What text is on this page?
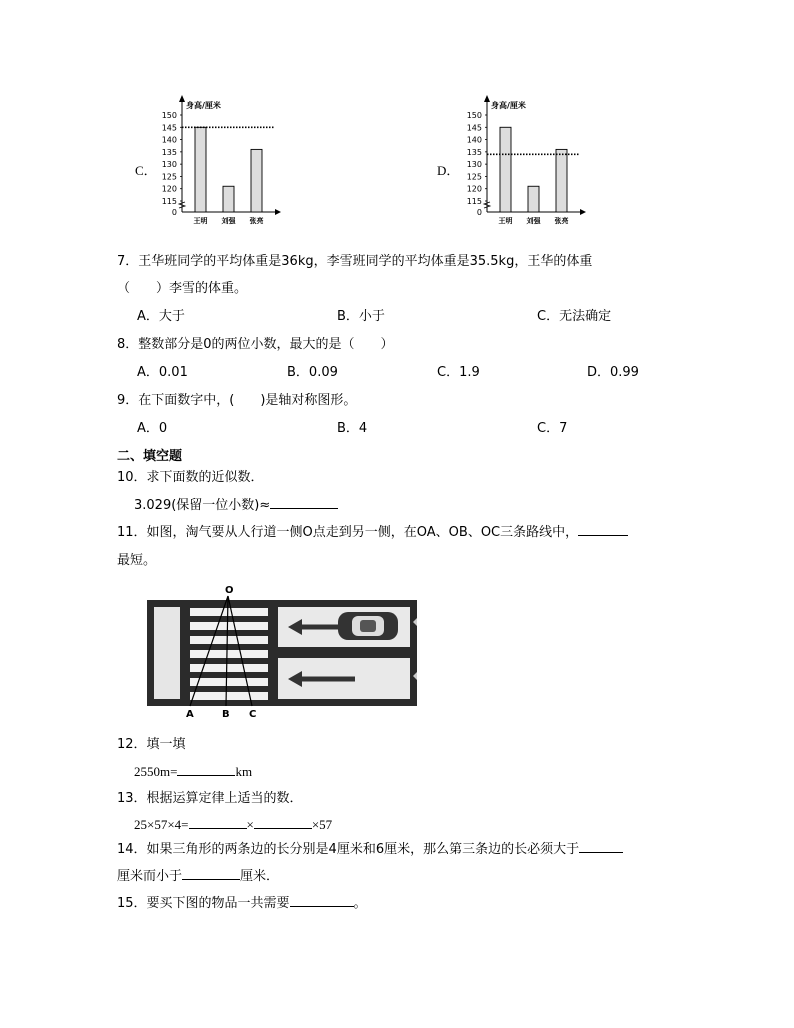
C．
身高/厘米
0
115
120
125
130
135
140
145
150
王明 刘强 张亮
D．
身高/厘米
0
115
120
125
130
135
140
145
150
王明 刘强 张亮
7．王华班同学的平均体重是36kg，李雪班同学的平均体重是35.5kg，王华的体重
（　　）李雪的体重。
A．大于	B．小于	C．无法确定
8．整数部分是0的两位小数，最大的是（　　）
A．0.01	B．0.09	C．1.9	D．0.99
9．在下面数字中，(　　)是轴对称图形。
A．0	B．4	C．7
二、填空题
10．求下面数的近似数．
3.029(保留一位小数)≈
11．如图，淘气要从人行道一侧O点走到另一侧，在OA、OB、OC三条路线中，
最短。
O
A	B C
12．填一填
2550m=	km
13．根据运算定律上适当的数．
25×57×4=	×	×57
14．如果三角形的两条边的长分别是4厘米和6厘米，那么第三条边的长必须大于
厘米而小于	厘米．
15．要买下图的物品一共需要	。
